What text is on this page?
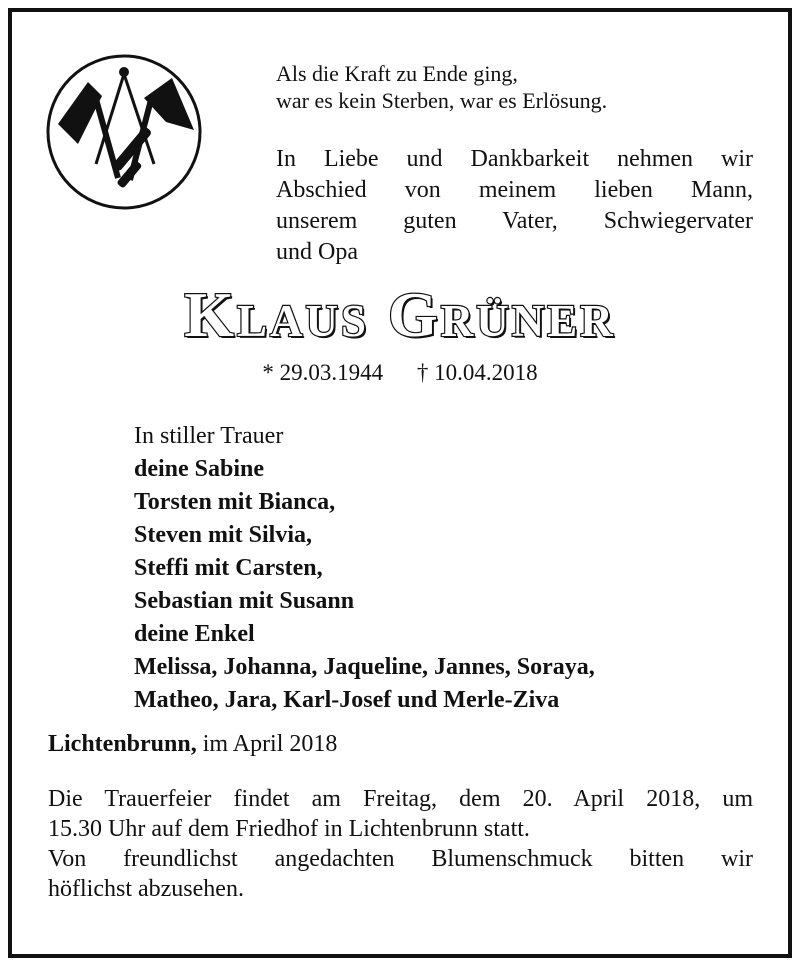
Als die Kraft zu Ende ging,
war es kein Sterben, war es Erlösung.
In Liebe und Dankbarkeit nehmen wir
Abschied von meinem lieben Mann,
unserem guten Vater, Schwiegervater
und Opa
Klaus Grüner
* 29.03.1944 † 10.04.2018
In stiller Trauer
deine Sabine
Torsten mit Bianca,
Steven mit Silvia,
Steffi mit Carsten,
Sebastian mit Susann
deine Enkel
Melissa, Johanna, Jaqueline, Jannes, Soraya,
Matheo, Jara, Karl-Josef und Merle-Ziva
Lichtenbrunn, im April 2018
Die Trauerfeier findet am Freitag, dem 20. April 2018, um
15.30 Uhr auf dem Friedhof in Lichtenbrunn statt.
Von freundlichst angedachten Blumenschmuck bitten wir
höflichst abzusehen.
